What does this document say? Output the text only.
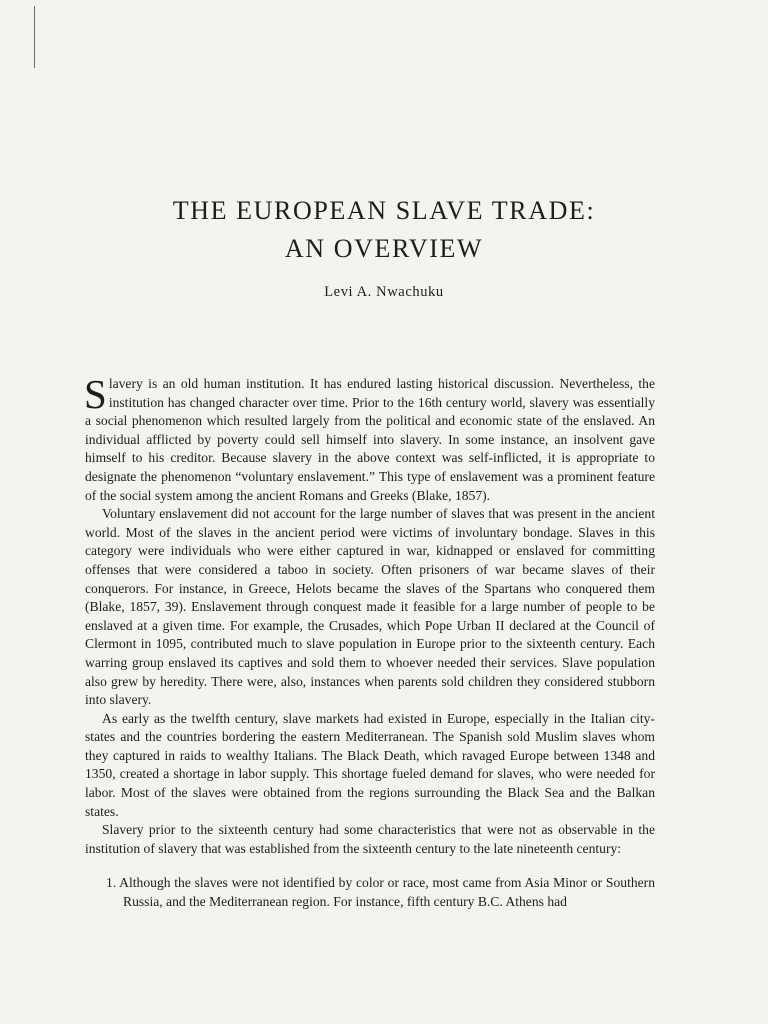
THE EUROPEAN SLAVE TRADE:
AN OVERVIEW
Levi A. Nwachuku

Slavery is an old human institution. It has endured lasting historical discussion. Nevertheless, the institution has changed character over time. Prior to the 16th century world, slavery was essentially a social phenomenon which resulted largely from the political and economic state of the enslaved. An individual afflicted by poverty could sell himself into slavery. In some instance, an insolvent gave himself to his creditor. Because slavery in the above context was self-inflicted, it is appropriate to designate the phenomenon “voluntary enslavement.” This type of enslavement was a prominent feature of the social system among the ancient Romans and Greeks (Blake, 1857).

Voluntary enslavement did not account for the large number of slaves that was present in the ancient world. Most of the slaves in the ancient period were victims of involuntary bondage. Slaves in this category were individuals who were either captured in war, kidnapped or enslaved for committing offenses that were considered a taboo in society. Often prisoners of war became slaves of their conquerors. For instance, in Greece, Helots became the slaves of the Spartans who conquered them (Blake, 1857, 39). Enslavement through conquest made it feasible for a large number of people to be enslaved at a given time. For example, the Crusades, which Pope Urban II declared at the Council of Clermont in 1095, contributed much to slave population in Europe prior to the sixteenth century. Each warring group enslaved its captives and sold them to whoever needed their services. Slave population also grew by heredity. There were, also, instances when parents sold children they considered stubborn into slavery.

As early as the twelfth century, slave markets had existed in Europe, especially in the Italian city-states and the countries bordering the eastern Mediterranean. The Spanish sold Muslim slaves whom they captured in raids to wealthy Italians. The Black Death, which ravaged Europe between 1348 and 1350, created a shortage in labor supply. This shortage fueled demand for slaves, who were needed for labor. Most of the slaves were obtained from the regions surrounding the Black Sea and the Balkan states.

Slavery prior to the sixteenth century had some characteristics that were not as observable in the institution of slavery that was established from the sixteenth century to the late nineteenth century:

1. Although the slaves were not identified by color or race, most came from Asia Minor or Southern Russia, and the Mediterranean region. For instance, fifth century B.C. Athens had
